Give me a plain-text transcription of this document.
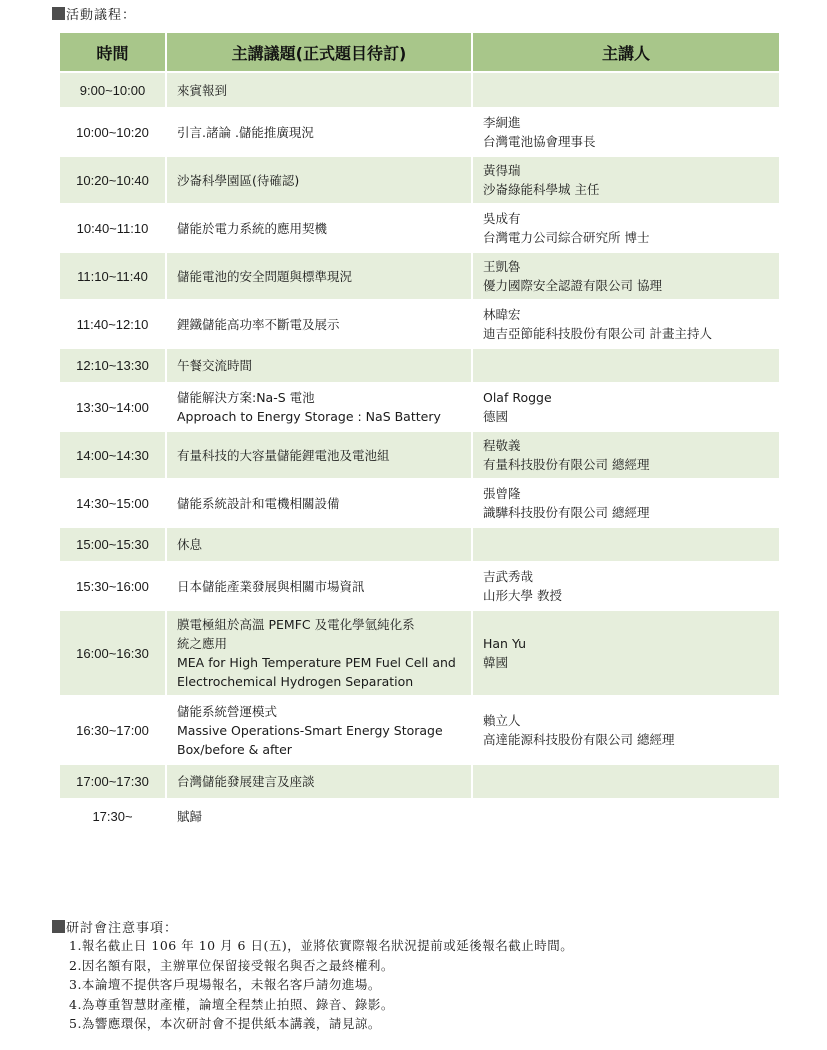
活動議程：
時間	主講議題(正式題目待訂)	主講人
9:00~10:00	來賓報到	

10:00~10:20	引言.諸論 .儲能推廣現況	李絅進
台灣電池協會理事長

10:20~10:40	沙崙科學園區(待確認)	黃得瑞
沙崙綠能科學城 主任

10:40~11:10	儲能於電力系統的應用契機	吳成有
台灣電力公司綜合研究所 博士

11:10~11:40	儲能電池的安全問題與標準現況	王凱魯
優力國際安全認證有限公司 協理

11:40~12:10	鋰鐵儲能高功率不斷電及展示	林暐宏
迪吉亞節能科技股份有限公司 計畫主持人

12:10~13:30	午餐交流時間	

13:30~14:00	儲能解決方案:Na-S 電池
Approach to Energy Storage : NaS Battery	Olaf Rogge
德國

14:00~14:30	有量科技的大容量儲能鋰電池及電池組	程敬義
有量科技股份有限公司 總經理

14:30~15:00	儲能系統設計和電機相關設備	張曾隆
識驊科技股份有限公司 總經理

15:00~15:30	休息	

15:30~16:00	日本儲能產業發展與相關市場資訊	吉武秀哉
山形大學 教授

16:00~16:30	膜電極組於高溫 PEMFC 及電化學氫純化系
統之應用
MEA for High Temperature PEM Fuel Cell and
Electrochemical Hydrogen Separation	Han Yu
韓國

16:30~17:00	儲能系統營運模式
Massive Operations-Smart Energy Storage
Box/before & after	賴立人
高達能源科技股份有限公司 總經理

17:00~17:30	台灣儲能發展建言及座談	

17:30~	賦歸	

研討會注意事項：
1.報名截止日 106 年 10 月 6 日(五)，並將依實際報名狀況提前或延後報名截止時間。
2.因名額有限，主辦單位保留接受報名與否之最終權利。
3.本論壇不提供客戶現場報名，未報名客戶請勿進場。
4.為尊重智慧財產權，論壇全程禁止拍照、錄音、錄影。
5.為響應環保，本次研討會不提供紙本講義，請見諒。
